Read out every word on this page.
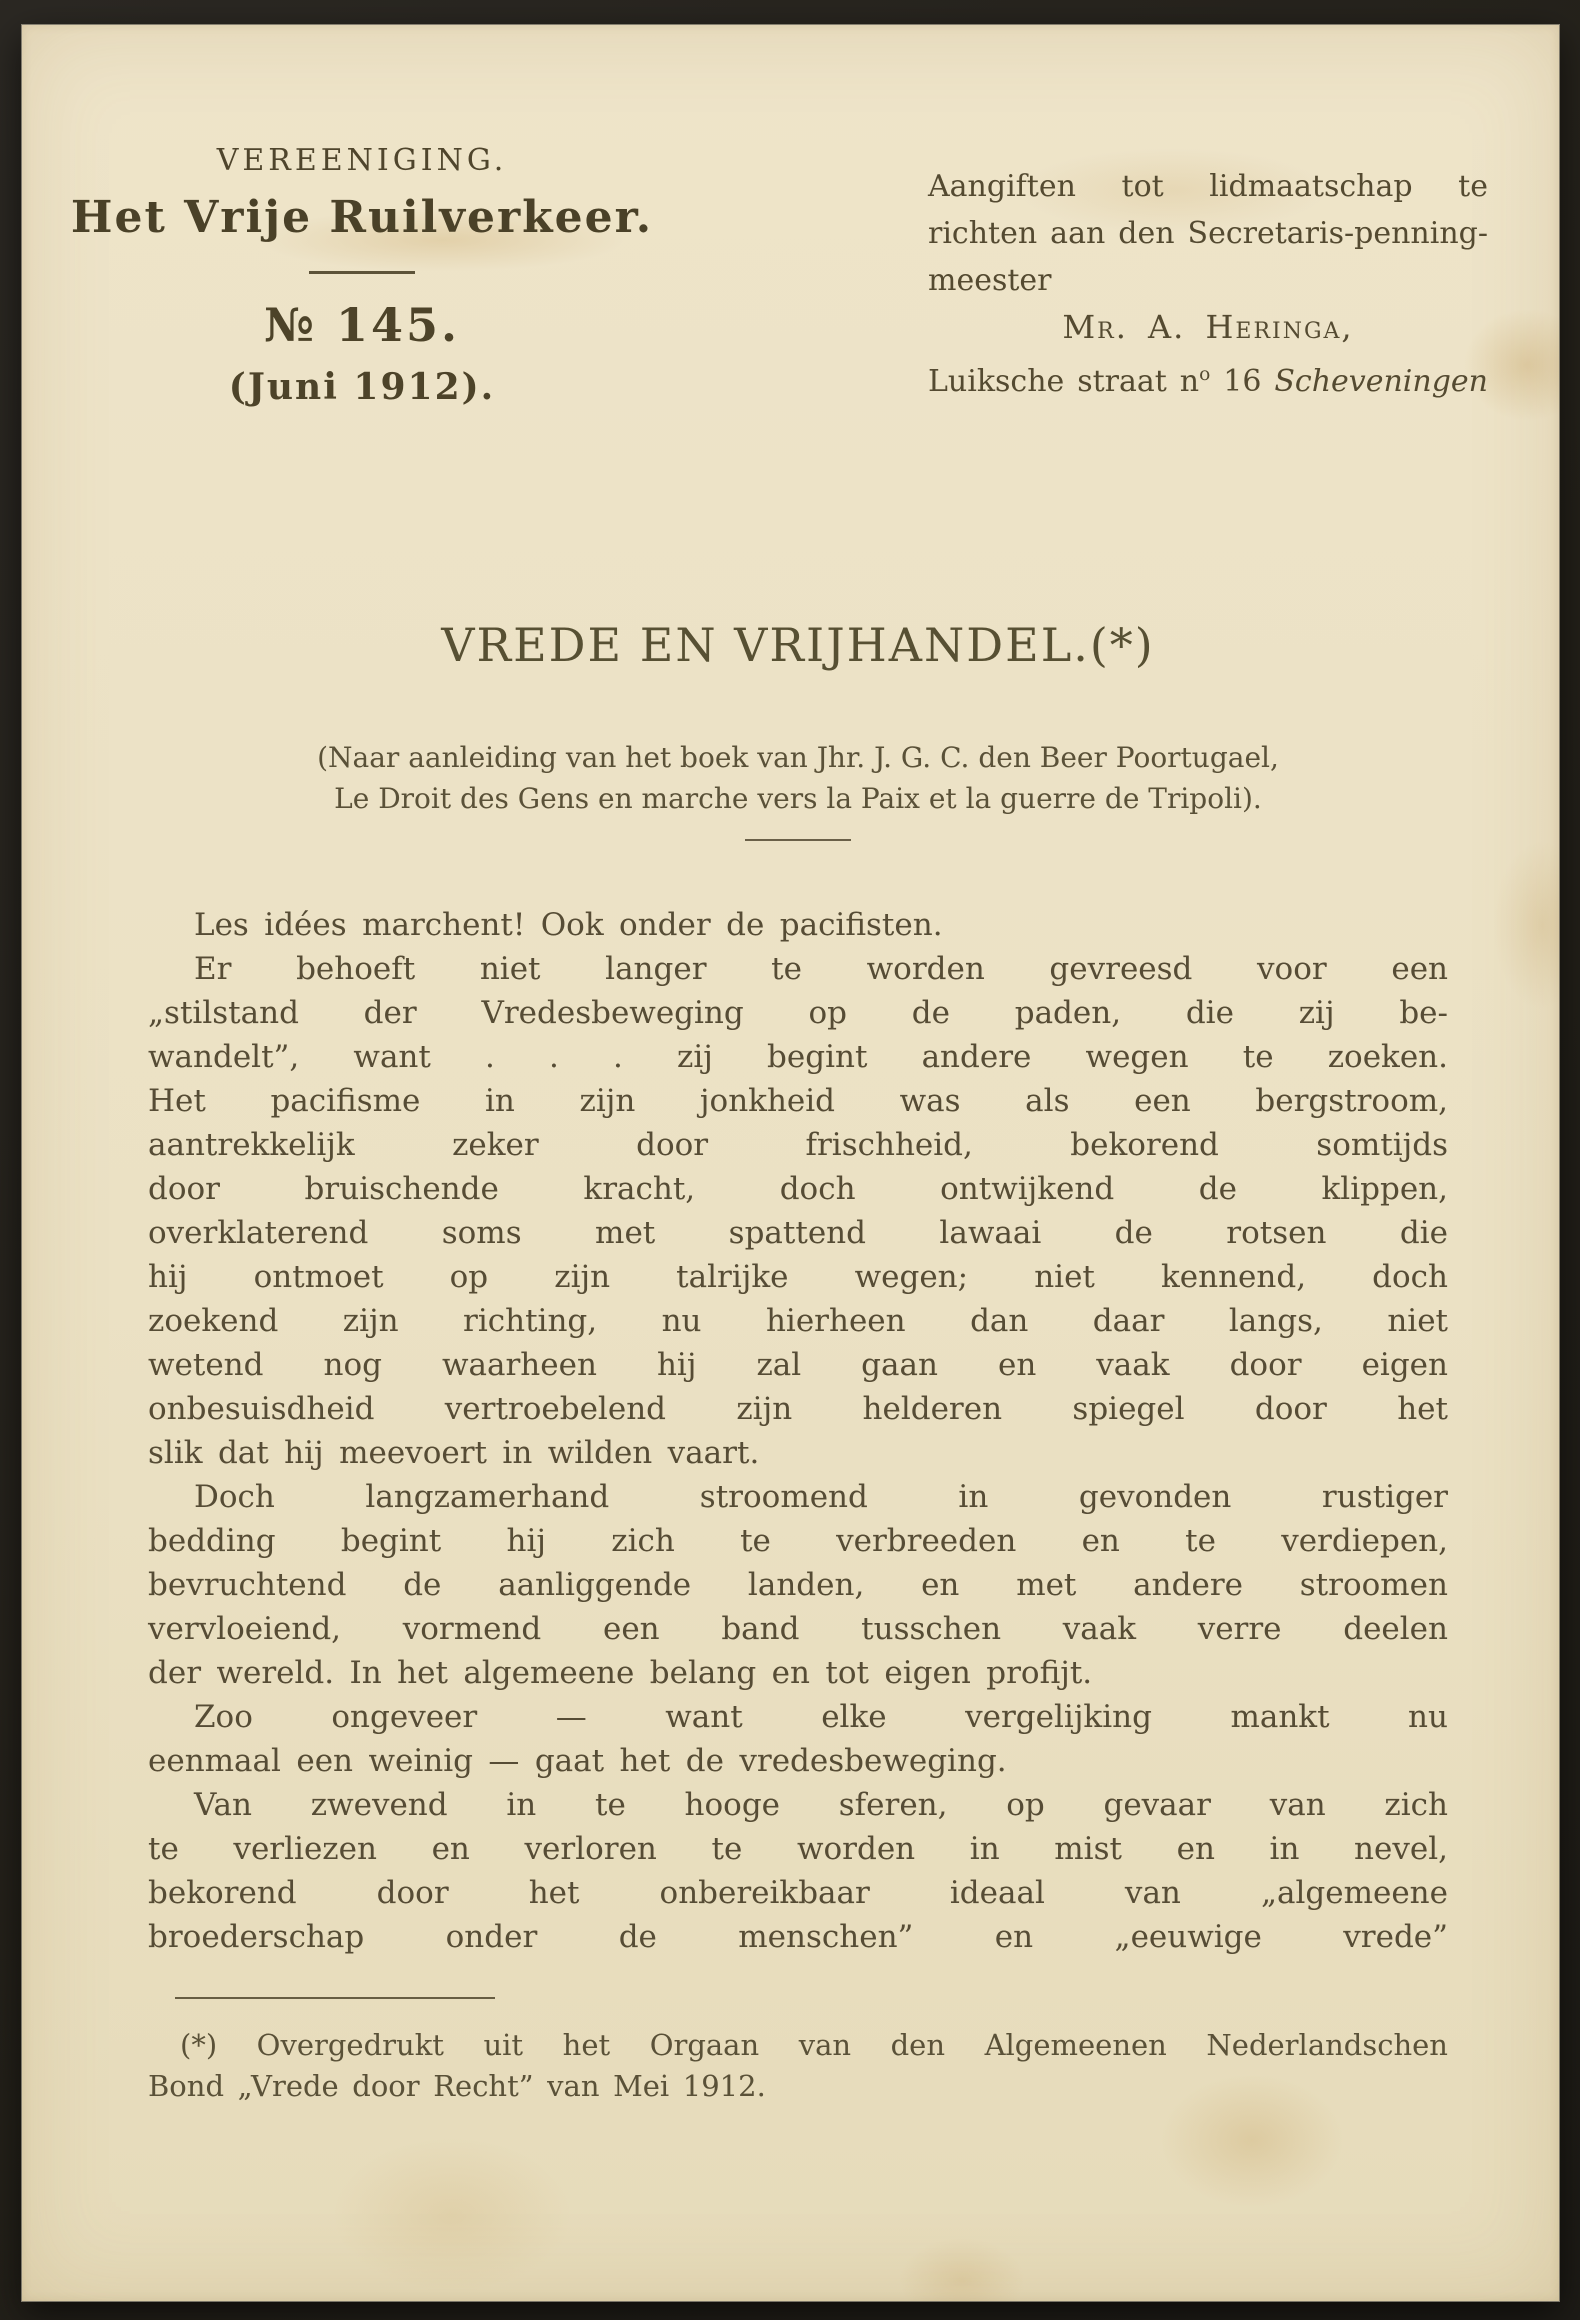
VEREENIGING.
Het Vrije Ruilverkeer.
№ 145.
(Juni 1912).
Aangiften tot lidmaatschap te
richten aan den Secretaris-penning-
meester
Mr. A. Heringa,
Luiksche straat $n^o$ 16 Scheveningen
VREDE EN VRIJHANDEL.(*)
(Naar aanleiding van het boek van Jhr. J. G. C. den Beer Poortugael,
Le Droit des Gens en marche vers la Paix et la guerre de Tripoli).
Les idées marchent! Ook onder de pacifisten.
Er behoeft niet langer te worden gevreesd voor een
„stilstand der Vredesbeweging op de paden, die zij be-
wandelt”, want . . . zij begint andere wegen te zoeken.
Het pacifisme in zijn jonkheid was als een bergstroom,
aantrekkelijk zeker door frischheid, bekorend somtijds
door bruischende kracht, doch ontwijkend de klippen,
overklaterend soms met spattend lawaai de rotsen die
hij ontmoet op zijn talrijke wegen; niet kennend, doch
zoekend zijn richting, nu hierheen dan daar langs, niet
wetend nog waarheen hij zal gaan en vaak door eigen
onbesuisdheid vertroebelend zijn helderen spiegel door het
slik dat hij meevoert in wilden vaart.
Doch langzamerhand stroomend in gevonden rustiger
bedding begint hij zich te verbreeden en te verdiepen,
bevruchtend de aanliggende landen, en met andere stroomen
vervloeiend, vormend een band tusschen vaak verre deelen
der wereld. In het algemeene belang en tot eigen profijt.
Zoo ongeveer — want elke vergelijking mankt nu
eenmaal een weinig — gaat het de vredesbeweging.
Van zwevend in te hooge sferen, op gevaar van zich
te verliezen en verloren te worden in mist en in nevel,
bekorend door het onbereikbaar ideaal van „algemeene
broederschap onder de menschen” en „eeuwige vrede”
(*) Overgedrukt uit het Orgaan van den Algemeenen Nederlandschen
Bond „Vrede door Recht” van Mei 1912.
